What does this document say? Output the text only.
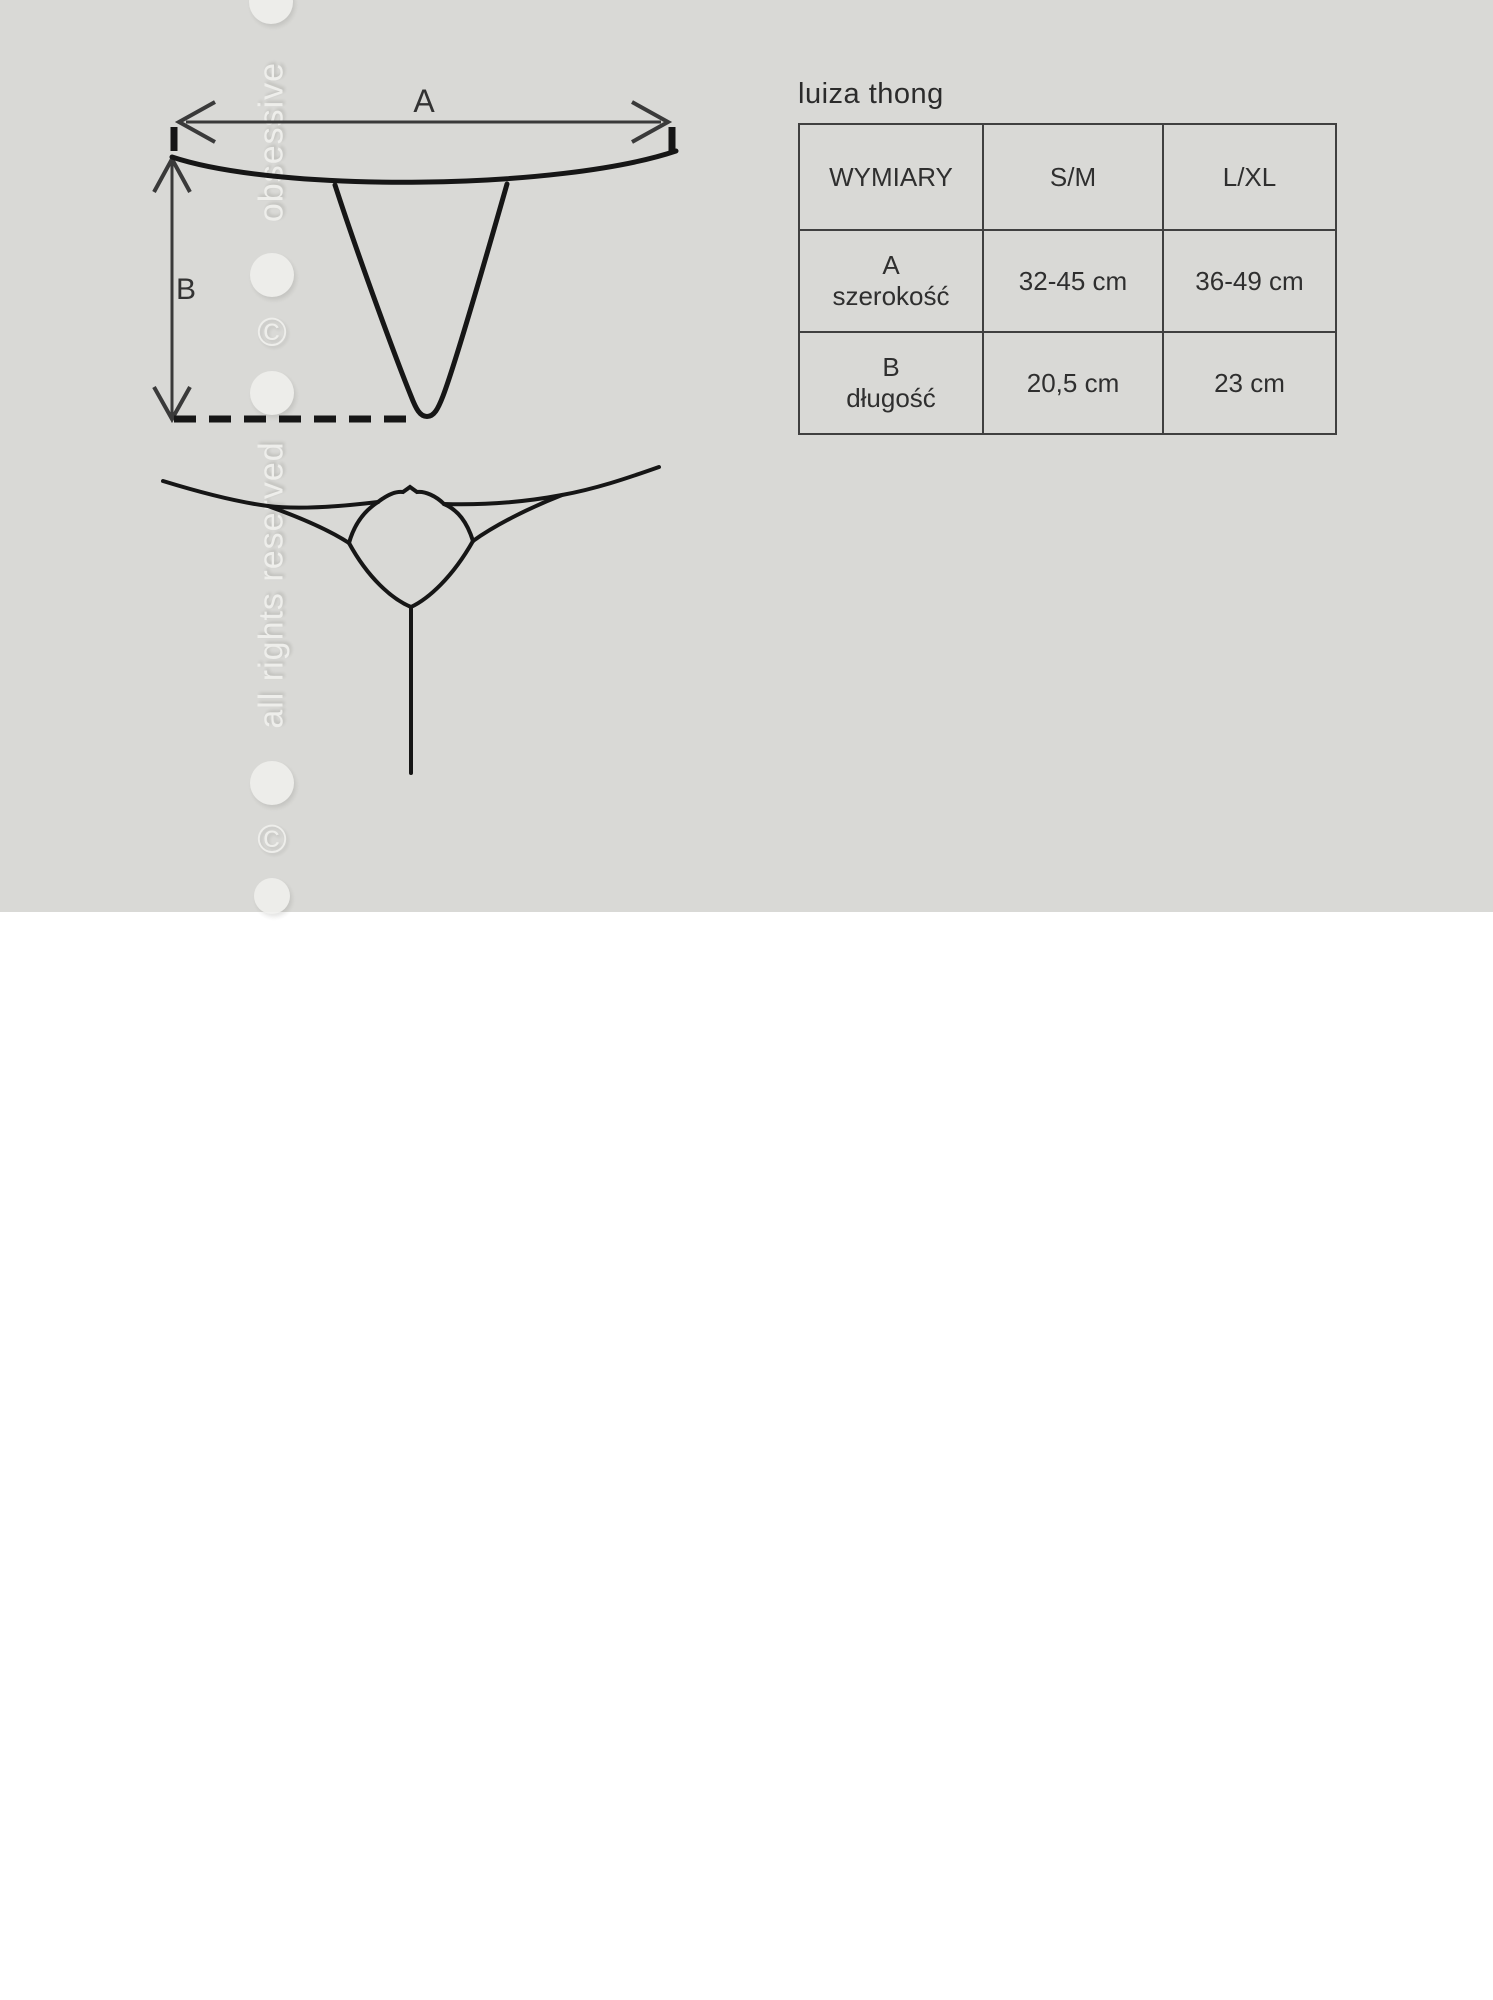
obsessive
©
all rights reserved
©
A
B
luiza thong
WYMIARY	S/M	L/XL

A
szerokość	32-45 cm	36-49 cm

B
długość	20,5 cm	23 cm
